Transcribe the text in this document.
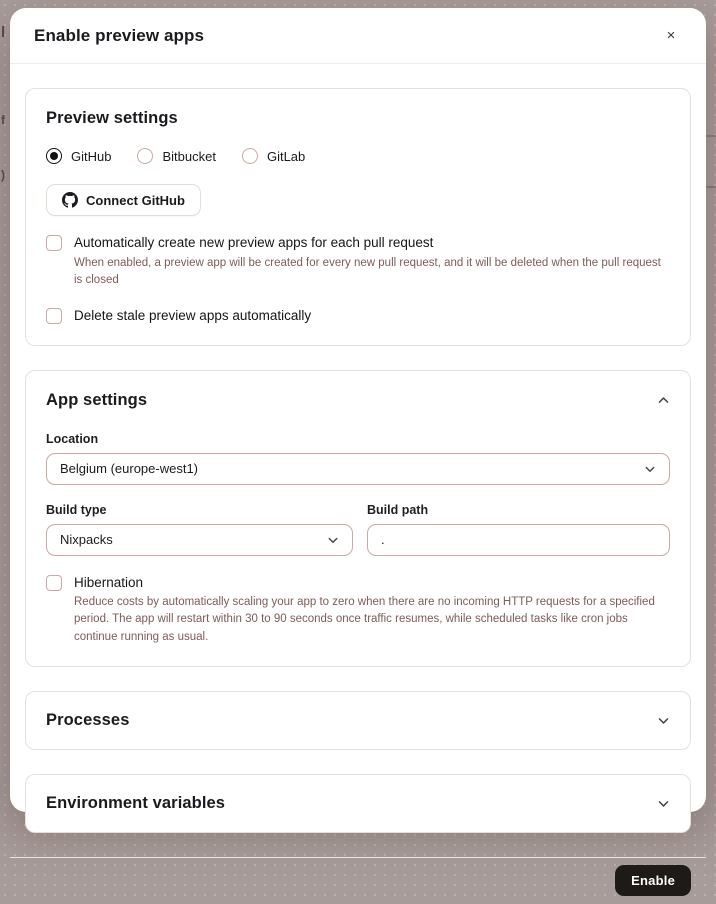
l
f
)
Enable preview apps	×
Preview settings
GitHub	Bitbucket	GitLab
Connect GitHub
Automatically create new preview apps for each pull request
When enabled, a preview app will be created for every new pull request, and it will be deleted when the pull request is closed
Delete stale preview apps automatically
App settings
Location
Belgium (europe-west1)
Build type
Nixpacks
Build path
.
Hibernation
Reduce costs by automatically scaling your app to zero when there are no incoming HTTP requests for a specified period. The app will restart within 30 to 90 seconds once traffic resumes, while scheduled tasks like cron jobs continue running as usual.
Processes
Environment variables
Enable
